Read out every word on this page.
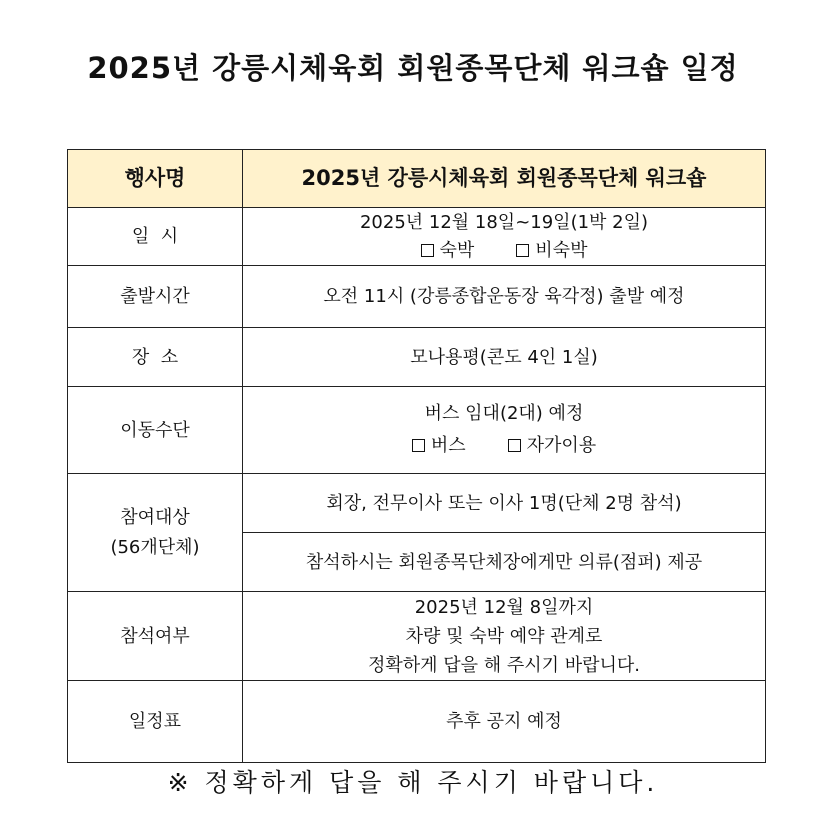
2025년 강릉시체육회 회원종목단체 워크숍 일정
행사명	2025년 강릉시체육회 회원종목단체 워크숍
일  시	2025년 12월 18일~19일(1박 2일)
숙박 비숙박

출발시간	오전 11시 (강릉종합운동장 육각정) 출발 예정
장  소	모나용평(콘도 4인 1실)
이동수단	버스 임대(2대) 예정
버스 자가이용

참여대상
(56개단체)	회장, 전무이사 또는 이사 1명(단체 2명 참석)
	참석하시는 회원종목단체장에게만 의류(점퍼) 제공
참석여부	2025년 12월 8일까지
차량 및 숙박 예약 관계로
정확하게 답을 해 주시기 바랍니다.

일정표	추후 공지 예정
※ 정확하게 답을 해 주시기 바랍니다.
